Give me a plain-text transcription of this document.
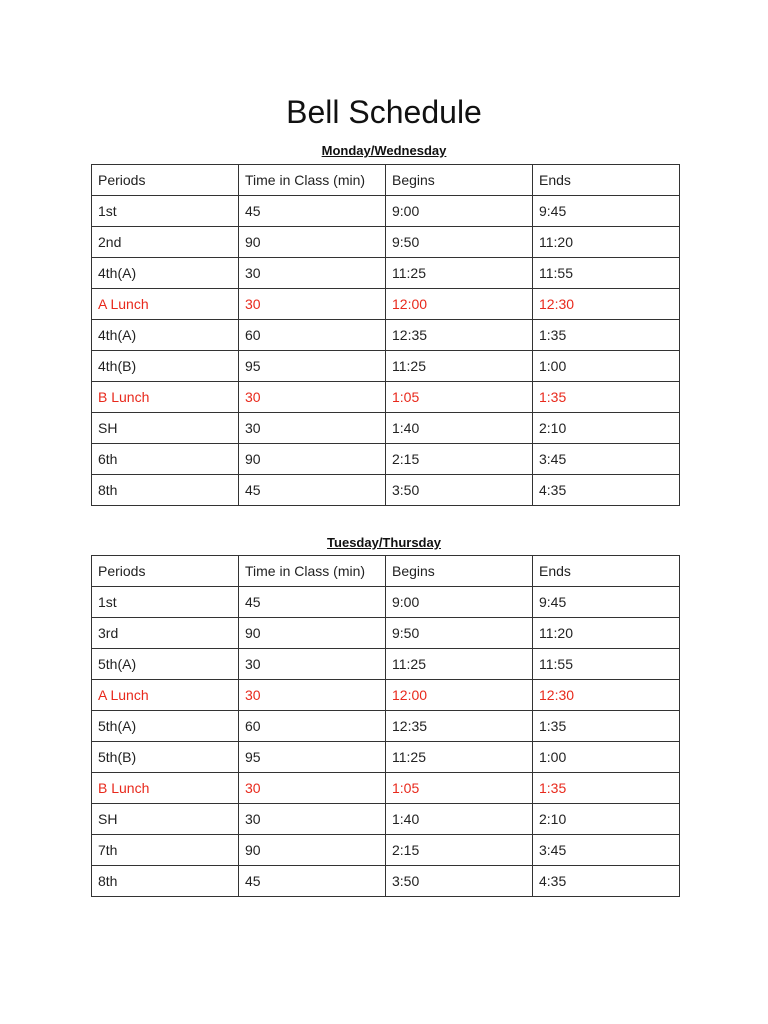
Bell Schedule
Monday/Wednesday
Periods	Time in Class (min)	Begins	Ends
1st	45	9:00	9:45
2nd	90	9:50	11:20
4th(A)	30	11:25	11:55
A Lunch	30	12:00	12:30
4th(A)	60	12:35	1:35
4th(B)	95	11:25	1:00
B Lunch	30	1:05	1:35
SH	30	1:40	2:10
6th	90	2:15	3:45
8th	45	3:50	4:35
Tuesday/Thursday
Periods	Time in Class (min)	Begins	Ends
1st	45	9:00	9:45
3rd	90	9:50	11:20
5th(A)	30	11:25	11:55
A Lunch	30	12:00	12:30
5th(A)	60	12:35	1:35
5th(B)	95	11:25	1:00
B Lunch	30	1:05	1:35
SH	30	1:40	2:10
7th	90	2:15	3:45
8th	45	3:50	4:35
